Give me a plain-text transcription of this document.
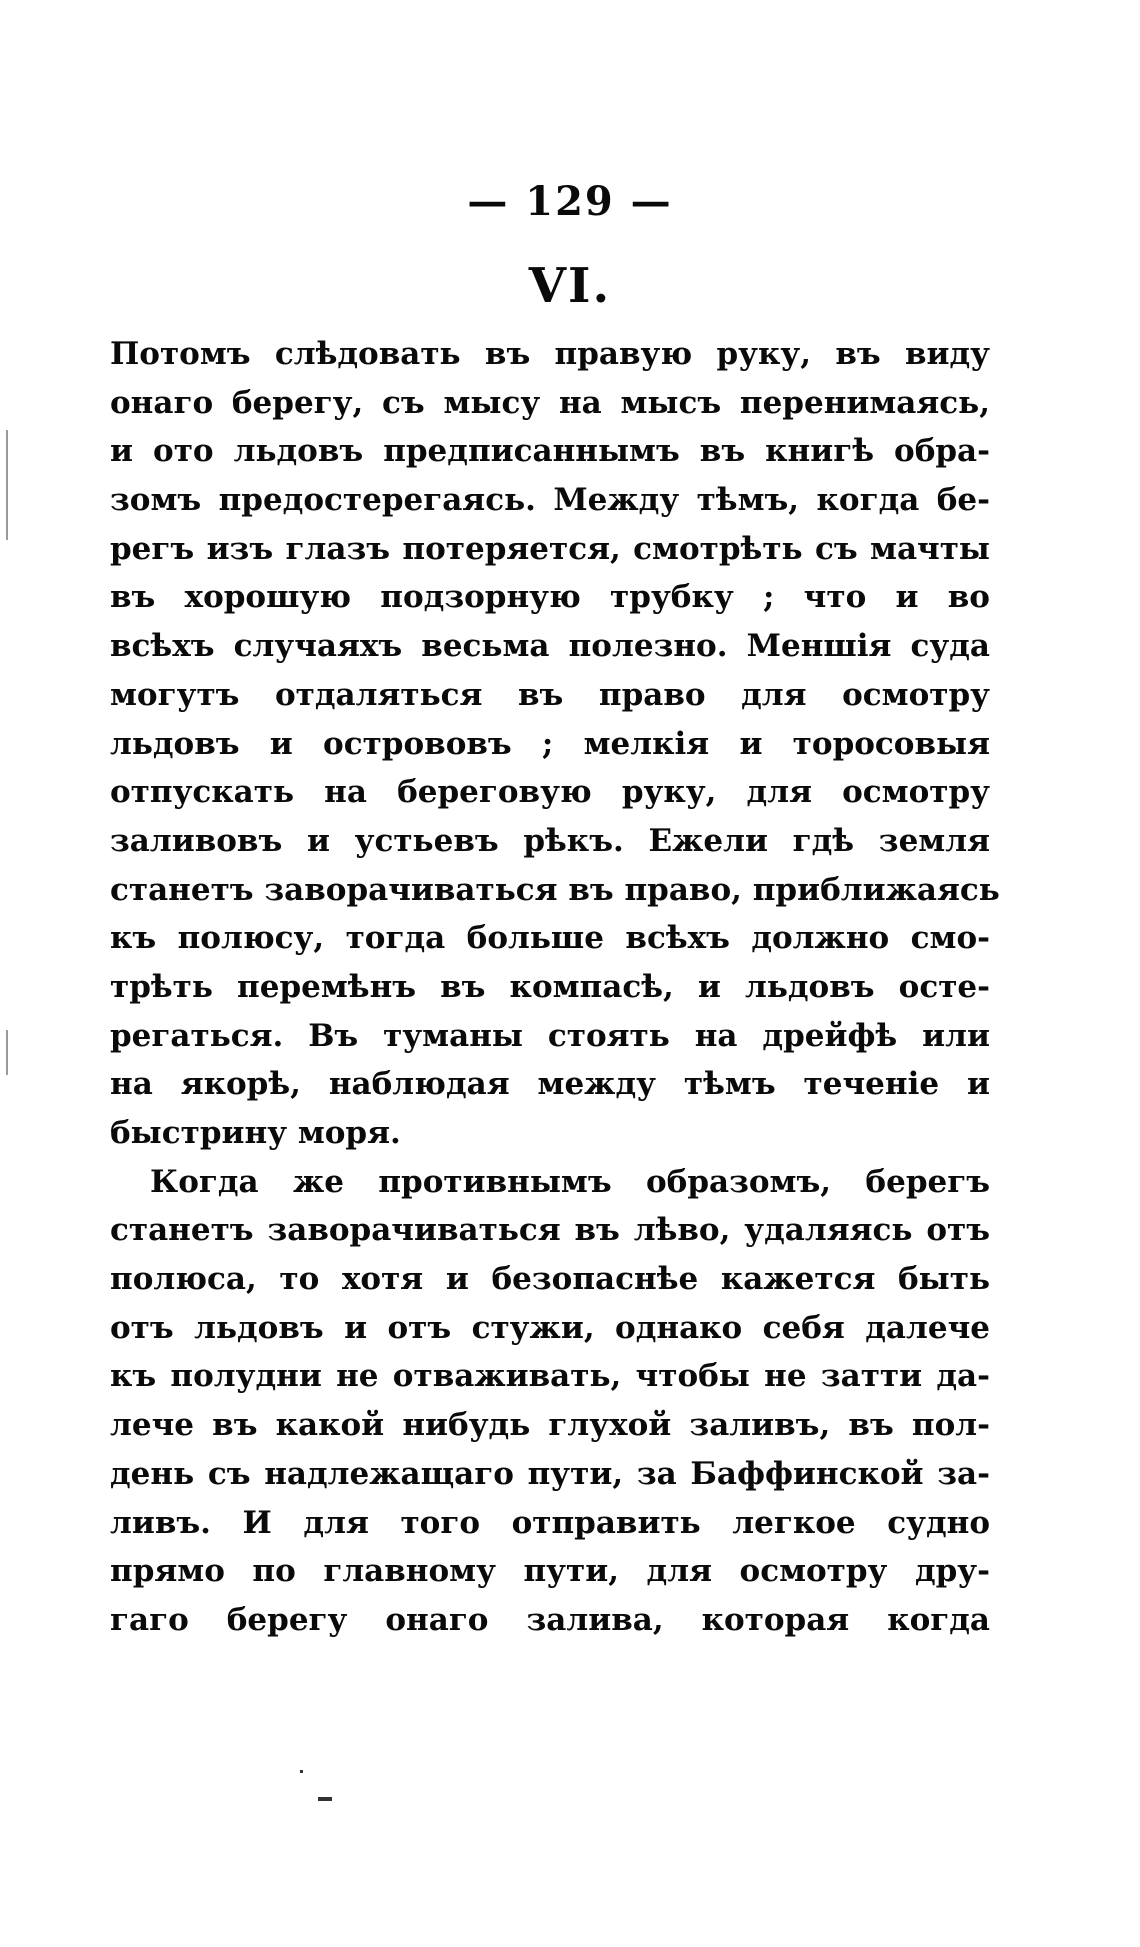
— 129 —
VI.
Потомъ слѣдовать въ правую руку, въ виду
онаго берегу, съ мысу на мысъ перенимаясь,
и ото льдовъ предписаннымъ въ книгѣ обра-
зомъ предостерегаясь. Между тѣмъ, когда бе-
регъ изъ глазъ потеряется, смотрѣть съ мачты
въ хорошую подзорную трубку ; что и во
всѣхъ случаяхъ весьма полезно. Меншія суда
могутъ отдаляться въ право для осмотру
льдовъ и острововъ ; мелкія и торосовыя
отпускать на береговую руку, для осмотру
заливовъ и устьевъ рѣкъ. Ежели гдѣ земля
станетъ заворачиваться въ право, приближаясь
къ полюсу, тогда больше всѣхъ должно смо-
трѣть перемѣнъ въ компасѣ, и льдовъ осте-
регаться. Въ туманы стоять на дрейфѣ или
на якорѣ, наблюдая между тѣмъ теченіе и
быстрину моря.
Когда же противнымъ образомъ, берегъ
станетъ заворачиваться въ лѣво, удаляясь отъ
полюса, то хотя и безопаснѣе кажется быть
отъ льдовъ и отъ стужи, однако себя далече
къ полудни не отваживать, чтобы не затти да-
лече въ какой нибудь глухой заливъ, въ пол-
день съ надлежащаго пути, за Баффинской за-
ливъ. И для того отправить легкое судно
прямо по главному пути, для осмотру дру-
гаго берегу онаго залива, которая когда
